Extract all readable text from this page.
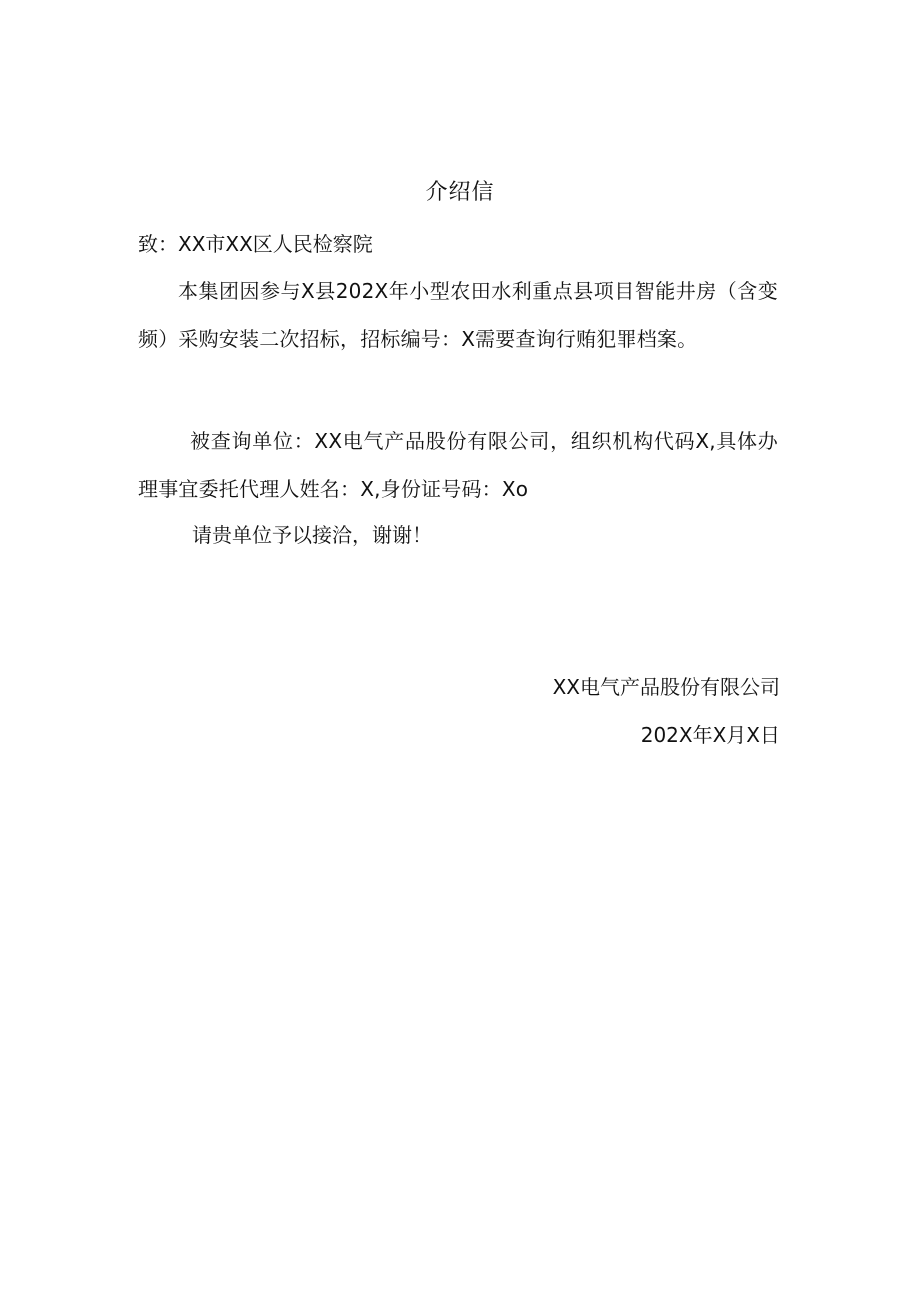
介绍信
致：XX市XX区人民检察院
本集团因参与X县202X年小型农田水利重点县项目智能井房（含变频）采购安装二次招标，招标编号：X需要查询行贿犯罪档案。
被查询单位：XX电气产品股份有限公司，组织机构代码X,具体办理事宜委托代理人姓名：X,身份证号码：Xo
请贵单位予以接洽，谢谢！
XX电气产品股份有限公司
202X年X月X日
